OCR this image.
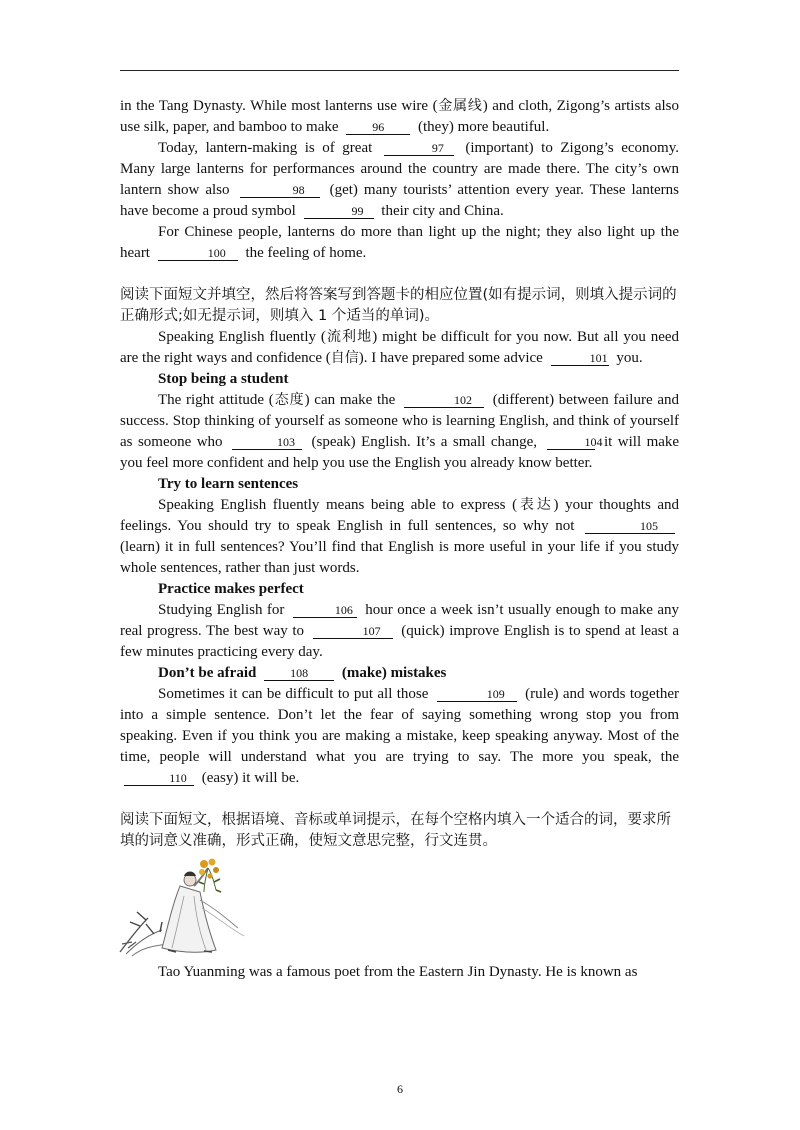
in the Tang Dynasty. While most lanterns use wire (金属线) and cloth, Zigong’s artists also use silk, paper, and bamboo to make	96 (they) more beautiful.

Today, lantern-making is of great	97 (important) to Zigong’s economy. Many large lanterns for performances around the country are made there. The city’s own lantern show also	98 (get) many tourists’ attention every year. These lanterns have become a proud symbol	99 their city and China.

For Chinese people, lanterns do more than light up the night; they also light up the heart	100 the feeling of home.

阅读下面短文并填空，然后将答案写到答题卡的相应位置(如有提示词，则填入提示词的正确形式;如无提示词，则填入 1 个适当的单词)。

Speaking English fluently (流利地) might be difficult for you now. But all you need are the right ways and confidence (自信). I have prepared some advice	101 you.

Stop being a student

The right attitude (态度) can make the	102 (different) between failure and success. Stop thinking of yourself as someone who is learning English, and think of yourself as someone who	103 (speak) English. It’s a small change,	104 it will make you feel more confident and help you use the English you already know better.

Try to learn sentences

Speaking English fluently means being able to express (表达) your thoughts and feelings. You should try to speak English in full sentences, so why not	105 (learn) it in full sentences? You’ll find that English is more useful in your life if you study whole sentences, rather than just words.

Practice makes perfect

Studying English for	106 hour once a week isn’t usually enough to make any real progress. The best way to	107 (quick) improve English is to spend at least a few minutes practicing every day.

Don’t be afraid	108 (make) mistakes

Sometimes it can be difficult to put all those	109 (rule) and words together into a simple sentence. Don’t let the fear of saying something wrong stop you from speaking. Even if you think you are making a mistake, keep speaking anyway. Most of the time, people will understand what you are trying to say. The more you speak, the 110 (easy) it will be.

阅读下面短文，根据语境、音标或单词提示，在每个空格内填入一个适合的词，要求所填的词意义准确，形式正确，使短文意思完整，行文连贯。

Tao Yuanming was a famous poet from the Eastern Jin Dynasty. He is known as

6
